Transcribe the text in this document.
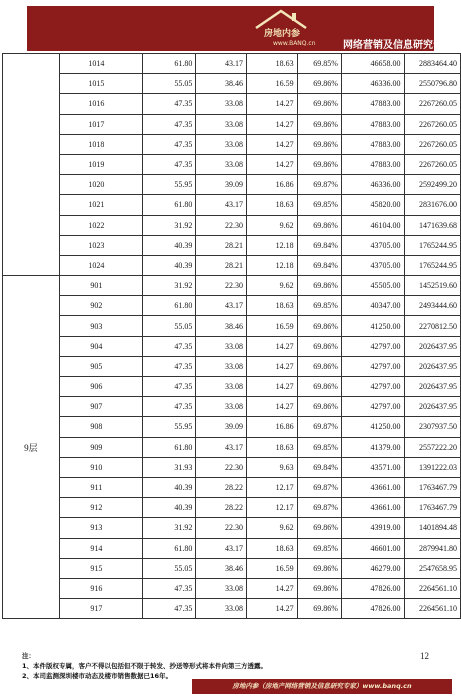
房地内参
www.BANQ.cn	网络营销及信息研究专家
	1014	61.80	43.17	18.63	69.85%	46658.00	2883464.40
	1015	55.05	38.46	16.59	69.86%	46336.00	2550796.80
	1016	47.35	33.08	14.27	69.86%	47883.00	2267260.05
	1017	47.35	33.08	14.27	69.86%	47883.00	2267260.05
	1018	47.35	33.08	14.27	69.86%	47883.00	2267260.05
	1019	47.35	33.08	14.27	69.86%	47883.00	2267260.05
	1020	55.95	39.09	16.86	69.87%	46336.00	2592499.20
	1021	61.80	43.17	18.63	69.85%	45820.00	2831676.00
	1022	31.92	22.30	9.62	69.86%	46104.00	1471639.68
	1023	40.39	28.21	12.18	69.84%	43705.00	1765244.95
	1024	40.39	28.21	12.18	69.84%	43705.00	1765244.95
9层	901	31.92	22.30	9.62	69.86%	45505.00	1452519.60
	902	61.80	43.17	18.63	69.85%	40347.00	2493444.60
	903	55.05	38.46	16.59	69.86%	41250.00	2270812.50
	904	47.35	33.08	14.27	69.86%	42797.00	2026437.95
	905	47.35	33.08	14.27	69.86%	42797.00	2026437.95
	906	47.35	33.08	14.27	69.86%	42797.00	2026437.95
	907	47.35	33.08	14.27	69.86%	42797.00	2026437.95
	908	55.95	39.09	16.86	69.87%	41250.00	2307937.50
	909	61.80	43.17	18.63	69.85%	41379.00	2557222.20
	910	31.93	22.30	9.63	69.84%	43571.00	1391222.03
	911	40.39	28.22	12.17	69.87%	43661.00	1763467.79
	912	40.39	28.22	12.17	69.87%	43661.00	1763467.79
	913	31.92	22.30	9.62	69.86%	43919.00	1401894.48
	914	61.80	43.17	18.63	69.85%	46601.00	2879941.80
	915	55.05	38.46	16.59	69.86%	46279.00	2547658.95
	916	47.35	33.08	14.27	69.86%	47826.00	2264561.10
	917	47.35	33.08	14.27	69.86%	47826.00	2264561.10
注：
1、本件版权专属，客户不得以包括但不限于转发、抄送等形式将本件向第三方透露。
2、本司监测深圳楼市动态及楼市销售数据已16年。
12
房地内参（房地产网络营销及信息研究专家）www.banq.cn
